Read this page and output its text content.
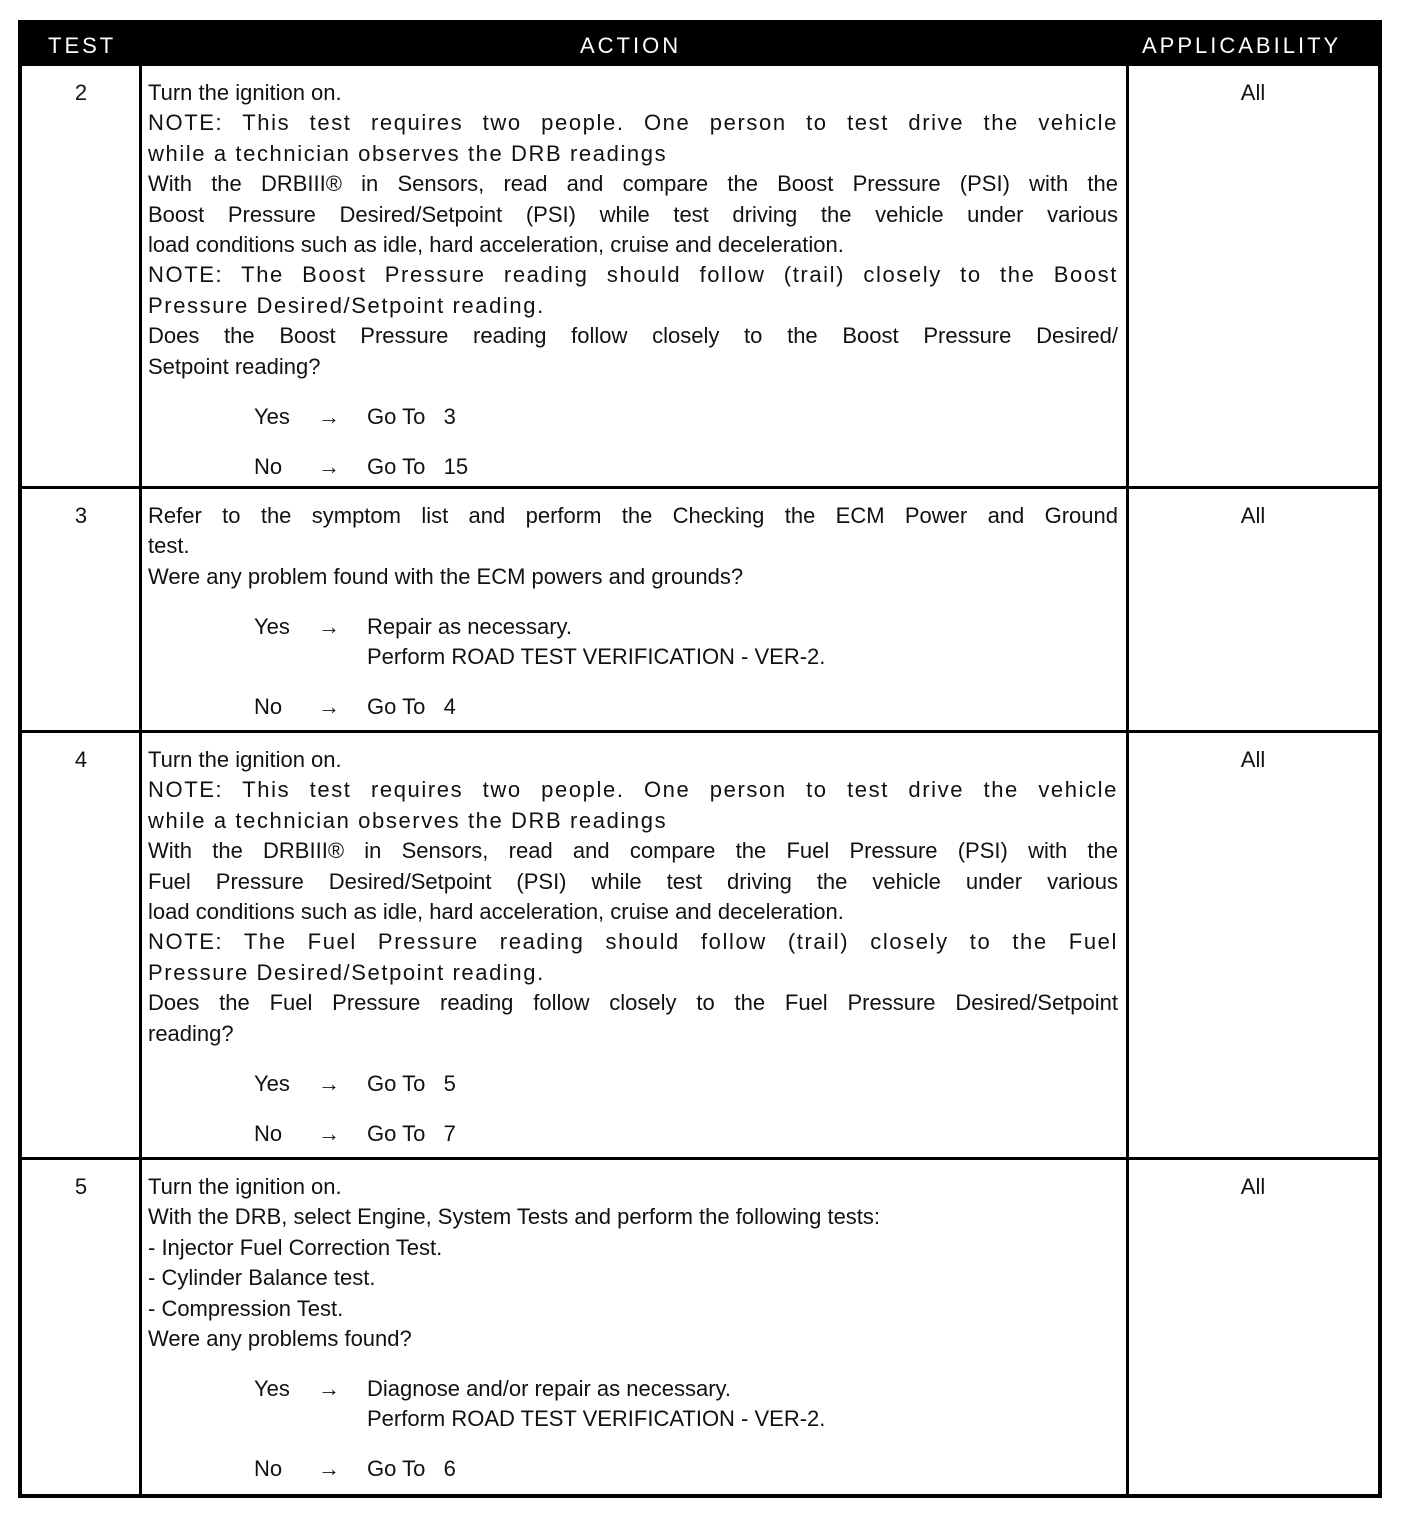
TEST	ACTION	APPLICABILITY
2	Turn the ignition on.
NOTE: This test requires two people. One person to test drive the vehicle
while a technician observes the DRB readings
With the DRBIII® in Sensors, read and compare the Boost Pressure (PSI) with the
Boost Pressure Desired/Setpoint (PSI) while test driving the vehicle under various
load conditions such as idle, hard acceleration, cruise and deceleration.
NOTE: The Boost Pressure reading should follow (trail) closely to the Boost
Pressure Desired/Setpoint reading.
Does the Boost Pressure reading follow closely to the Boost Pressure Desired/
Setpoint reading?
Yes → Go To   3
No → Go To   15
All
3	Refer to the symptom list and perform the Checking the ECM Power and Ground
test.
Were any problem found with the ECM powers and grounds?
Yes → Repair as necessary.
Perform ROAD TEST VERIFICATION - VER-2.
No → Go To   4
All
4	Turn the ignition on.
NOTE: This test requires two people. One person to test drive the vehicle
while a technician observes the DRB readings
With the DRBIII® in Sensors, read and compare the Fuel Pressure (PSI) with the
Fuel Pressure Desired/Setpoint (PSI) while test driving the vehicle under various
load conditions such as idle, hard acceleration, cruise and deceleration.
NOTE: The Fuel Pressure reading should follow (trail) closely to the Fuel
Pressure Desired/Setpoint reading.
Does the Fuel Pressure reading follow closely to the Fuel Pressure Desired/Setpoint
reading?
Yes → Go To   5
No → Go To   7
All
5	Turn the ignition on.
With the DRB, select Engine, System Tests and perform the following tests:
- Injector Fuel Correction Test.
- Cylinder Balance test.
- Compression Test.
Were any problems found?
Yes → Diagnose and/or repair as necessary.
Perform ROAD TEST VERIFICATION - VER-2.
No → Go To   6
All
